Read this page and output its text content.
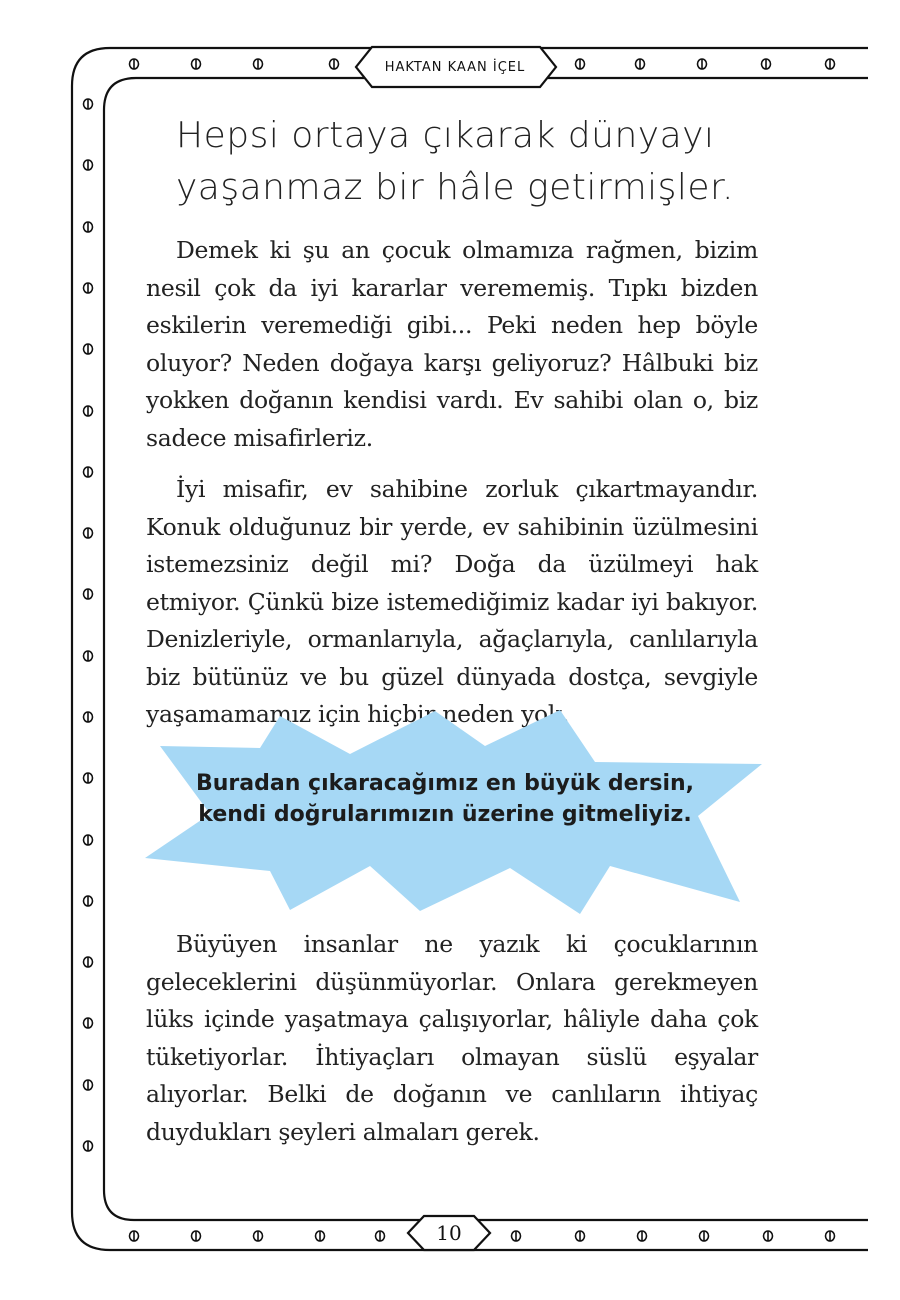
HAKTAN KAAN İÇEL
10
Hepsi ortaya çıkarak dünyayı yaşanmaz bir hâle getirmişler.

Demek ki şu an çocuk olmamıza rağmen, bizim nesil çok da iyi kararlar verememiş. Tıpkı bizden eskilerin veremediği gibi... Peki neden hep böyle oluyor? Neden doğaya karşı geliyoruz? Hâlbuki biz yokken doğanın kendisi vardı. Ev sahibi olan o, biz sadece misafirleriz.

İyi misafir, ev sahibine zorluk çıkartmayandır. Konuk olduğunuz bir yerde, ev sahibinin üzülmesini istemezsiniz değil mi? Doğa da üzülmeyi hak etmiyor. Çünkü bize istemediğimiz kadar iyi bakıyor. Denizleriyle, ormanlarıyla, ağaçlarıyla, canlılarıyla biz bütünüz ve bu güzel dünyada dostça, sevgiyle yaşamamamız için hiçbir neden yok.

Buradan çıkaracağımız en büyük dersin, kendi doğrularımızın üzerine gitmeliyiz.

Büyüyen insanlar ne yazık ki çocuklarının geleceklerini düşünmüyorlar. Onlara gerekmeyen lüks içinde yaşatmaya çalışıyorlar, hâliyle daha çok tüketiyorlar. İhtiyaçları olmayan süslü eşyalar alıyorlar. Belki de doğanın ve canlıların ihtiyaç duydukları şeyleri almaları gerek.
